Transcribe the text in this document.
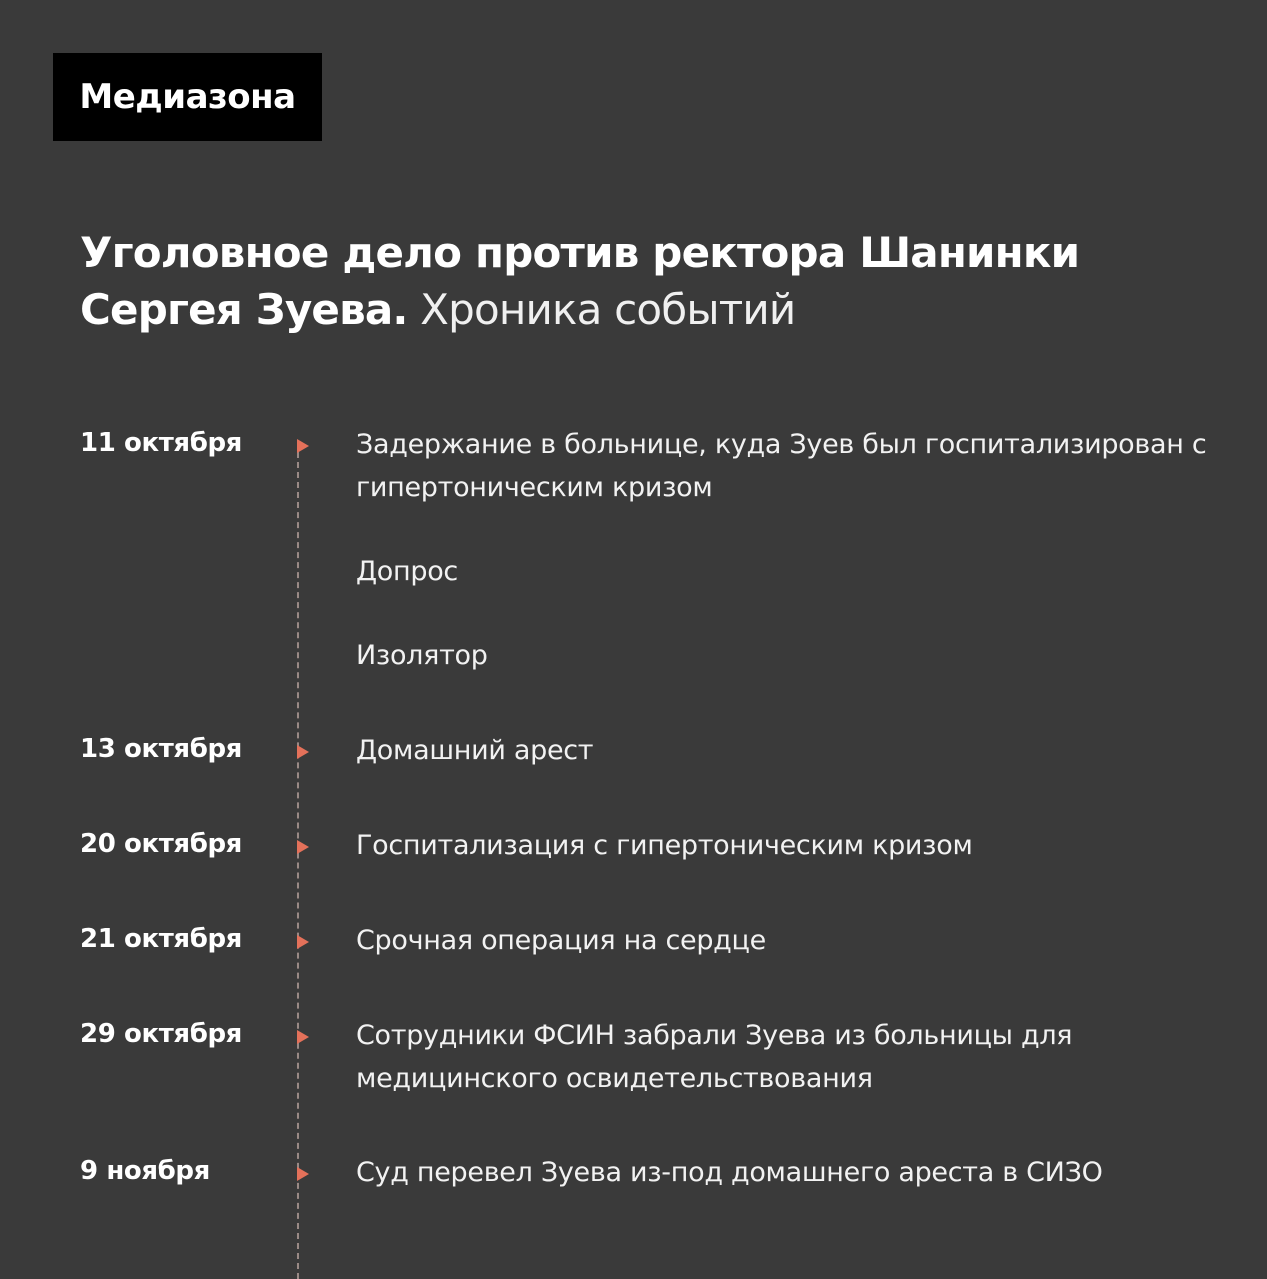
Медиазона
Уголовное дело против ректора Шанинки Сергея Зуева. Хроника событий
11 октября	Задержание в больнице, куда Зуев был госпитализирован с гипертоническим кризом
Допрос
Изолятор
13 октября	Домашний арест
20 октября	Госпитализация с гипертоническим кризом
21 октября	Срочная операция на сердце
29 октября	Сотрудники ФСИН забрали Зуева из больницы для медицинского освидетельствования
9 ноября	Суд перевел Зуева из-под домашнего ареста в СИЗО
